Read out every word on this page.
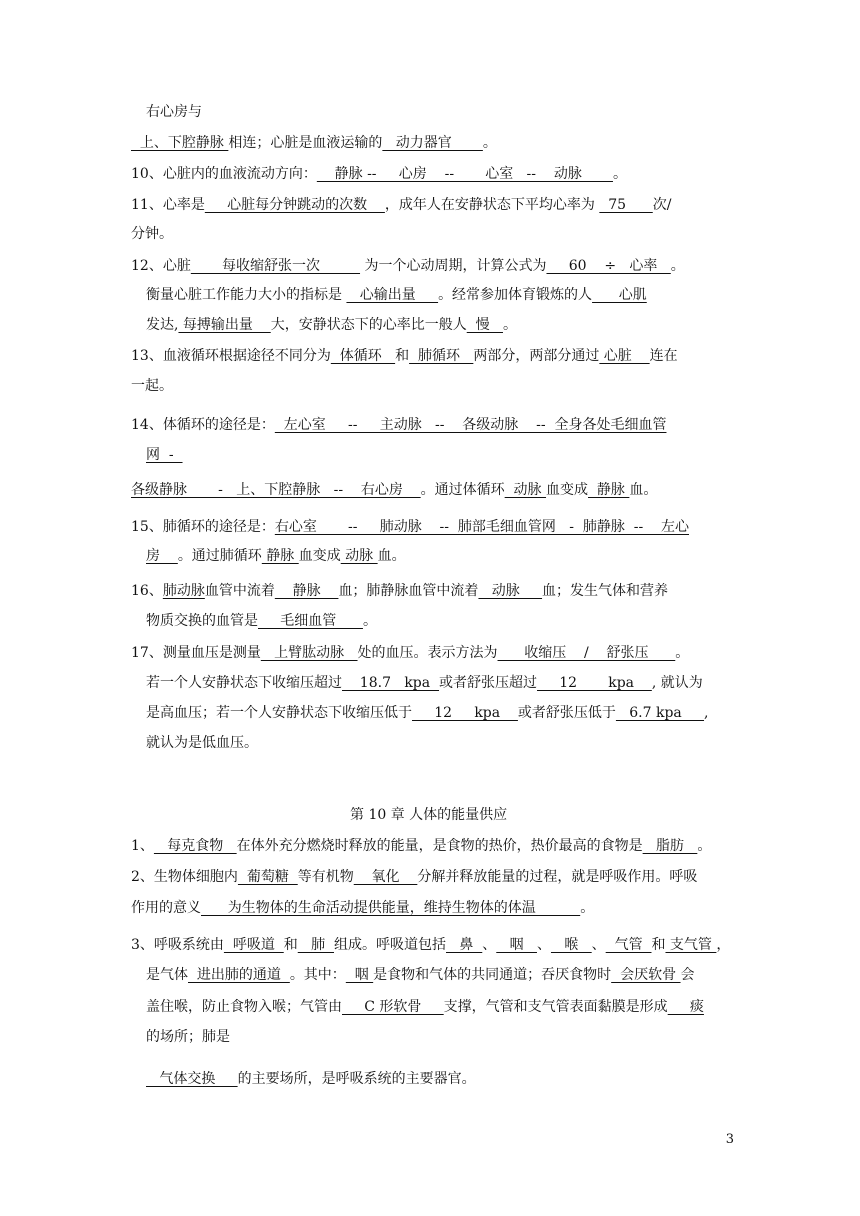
右心房与
上、下腔静脉 相连；心脏是血液运输的   动力器官       。
10、心脏内的血液流动方向：    静脉 --     心房    --       心室   --    动脉       。
11、心率是     心脏每分钟跳动的次数    ，成年人在安静状态下平均心率为   75      次/
分钟。
12、心脏       每收缩舒张一次          为一个心动周期，计算公式为     60    ÷   心率   。
衡量心脏工作能力大小的指标是    心输出量     。经常参加体育锻炼的人      心肌
发达, 每搏输出量    大，安静状态下的心率比一般人  慢   。
13、血液循环根据途径不同分为  体循环   和  肺循环   两部分，两部分通过 心脏    连在
一起。
14、体循环的途径是：  左心室     --     主动脉   --    各级动脉    --  全身各处毛细血管
网  -
各级静脉       -   上、下腔静脉   --    右心房    。通过体循环  动脉 血变成  静脉 血。
15、肺循环的途径是：右心室       --     肺动脉    --  肺部毛细血管网   -  肺静脉  --    左心
房    。通过肺循环 静脉 血变成 动脉 血。
16、肺动脉血管中流着    静脉    血；肺静脉血管中流着   动脉     血；发生气体和营养
物质交换的血管是     毛细血管      。
17、测量血压是测量   上臂肱动脉   处的血压。表示方法为      收缩压    /    舒张压      。
若一个人安静状态下收缩压超过    18.7   kpa  或者舒张压超过     12       kpa    , 就认为
是高血压；若一个人安静状态下收缩压低于     12     kpa    或者舒张压低于   6.7 kpa     ,
就认为是低血压。
第 10 章 人体的能量供应
1、   每克食物   在体外充分燃烧时释放的能量，是食物的热价，热价最高的食物是   脂肪   。
2、生物体细胞内  葡萄糖  等有机物    氧化    分解并释放能量的过程，就是呼吸作用。呼吸
作用的意义      为生物体的生命活动提供能量，维持生物体的体温          。
3、呼吸系统由  呼吸道  和   肺  组成。呼吸道包括   鼻  、   咽   、   喉   、  气管  和 支气管 ，
是气体  进出肺的通道  。其中：  咽 是食物和气体的共同通道；吞厌食物时  会厌软骨 会
盖住喉，防止食物入喉；气管由     C 形软骨     支撑，气管和支气管表面黏膜是形成     痰
的场所；肺是
气体交换     的主要场所，是呼吸系统的主要器官。
3
